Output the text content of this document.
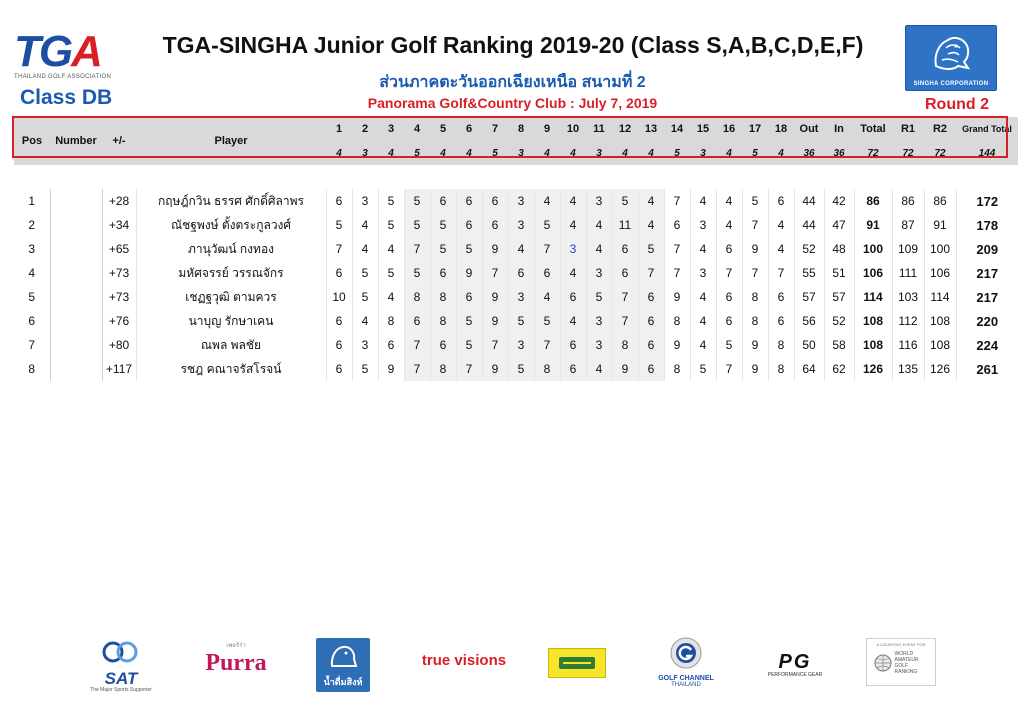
TGA
THAILAND GOLF ASSOCIATION
TGA-SINGHA Junior Golf Ranking 2019-20 (Class S,A,B,C,D,E,F)
ส่วนภาคตะวันออกเฉียงเหนือ สนามที่ 2
Panorama Golf&Country Club : July 7, 2019
Class DB	Round 2
SINGHA CORPORATION
Pos	Number	+/-	Player	1	2	3	4	5	6	7	8	9	10	11	12	13	14	15	16	17	18	Out	In	Total	R1	R2	Grand Total
				4	3	4	5	4	4	5	3	4	4	3	4	4	5	3	4	5	4	36	36	72	72	72	144

1		+28	กฤษฎ์กวิน ธรรศ ศักดิ์ศิลาพร	6	3	5	5	6	6	6	3	4	4	3	5	4	7	4	4	5	6	44	42	86	86	86	172
2		+34	ณัชฐพงษ์ ตั้งตระกูลวงศ์	5	4	5	5	5	6	6	3	5	4	4	11	4	6	3	4	7	4	44	47	91	87	91	178
3		+65	ภานุวัฒน์ กงทอง	7	4	4	7	5	5	9	4	7	3	4	6	5	7	4	6	9	4	52	48	100	109	100	209
4		+73	มหัศจรรย์ วรรณจักร	6	5	5	5	6	9	7	6	6	4	3	6	7	7	3	7	7	7	55	51	106	111	106	217
5		+73	เชฏฐวุฒิ ตามควร	10	5	4	8	8	6	9	3	4	6	5	7	6	9	4	6	8	6	57	57	114	103	114	217
6		+76	นาบุญ รักษาเคน	6	4	8	6	8	5	9	5	5	4	3	7	6	8	4	6	8	6	56	52	108	112	108	220
7		+80	ณพล พลชัย	6	3	6	7	6	5	7	3	7	6	3	8	6	9	4	5	9	8	50	58	108	116	108	224
8		+117	รชฎ คณาจรัสโรจน์	6	5	9	7	8	7	9	5	8	6	4	9	6	8	5	7	9	8	64	62	126	135	126	261
SAT
The Major Sports Supporter
เพอร์ร่า
Purra
น้ำดื่มสิงห์
true visions
GOLF CHANNEL
THAILAND
PG
PERFORMANCE GEAR
A COUNTING EVENT FOR
WORLD AMATEUR GOLF RANKING
